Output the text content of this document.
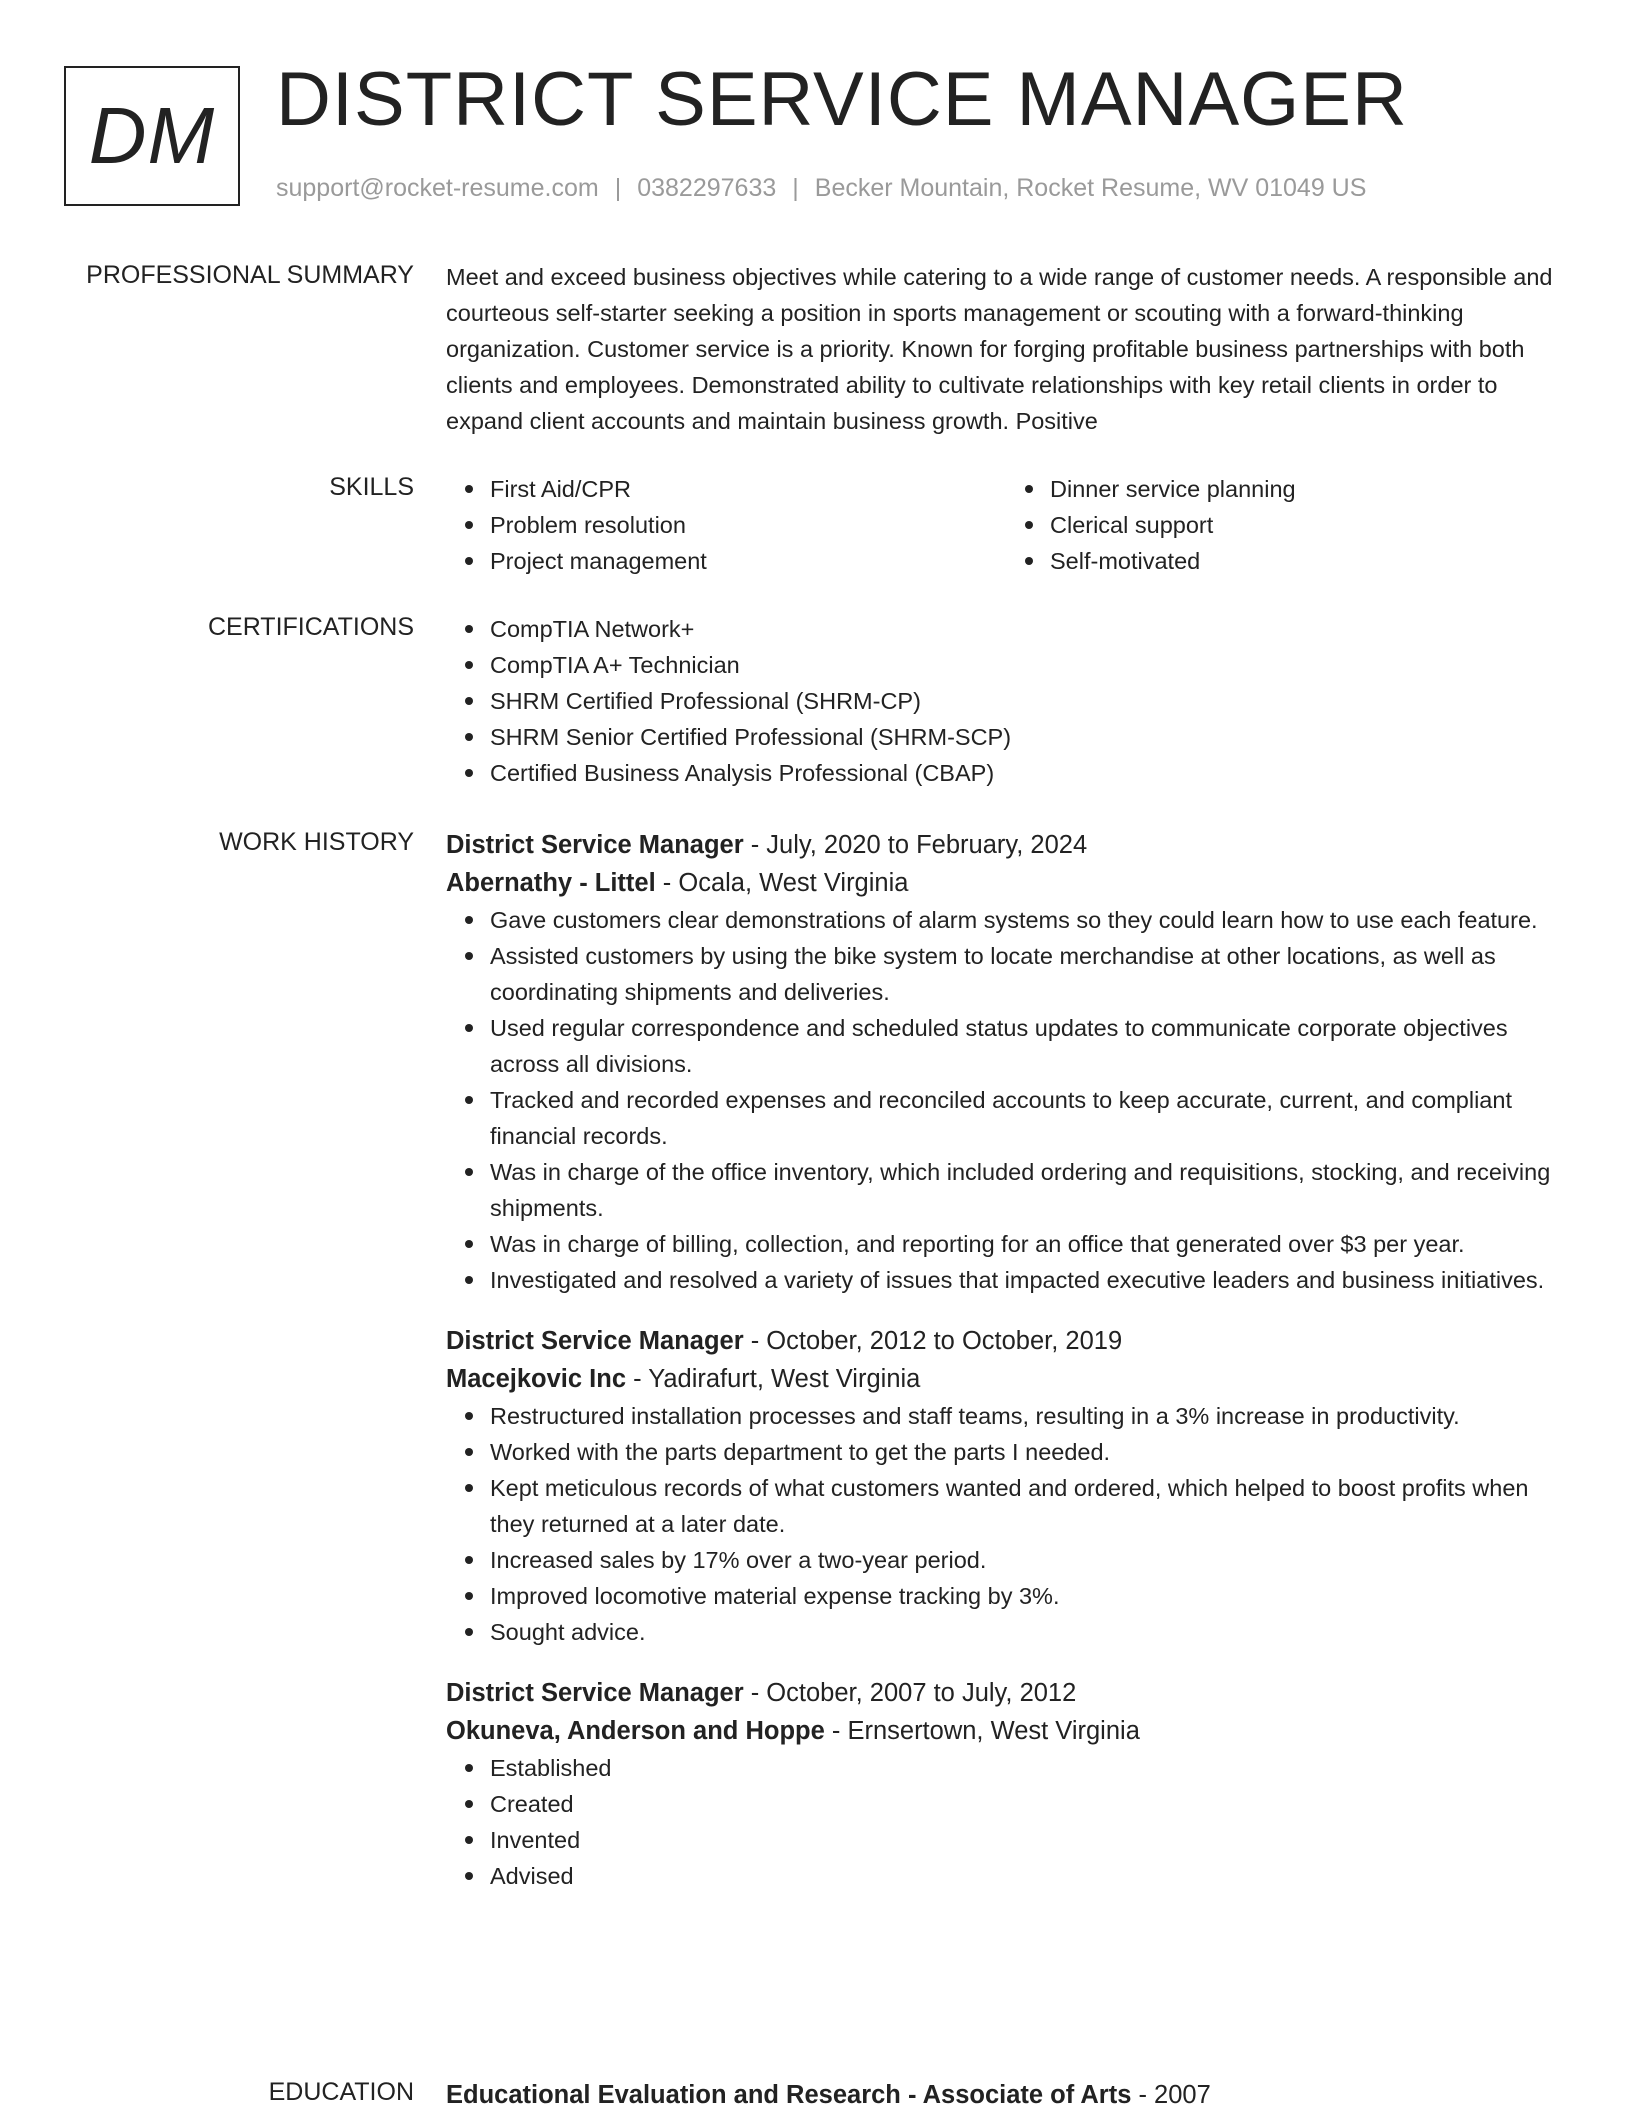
DM DISTRICT SERVICE MANAGER
support@rocket-resume.com | 0382297633 | Becker Mountain, Rocket Resume, WV 01049 US
PROFESSIONAL SUMMARY Meet and exceed business objectives while catering to a wide range of customer needs. A responsible and courteous self-starter seeking a position in sports management or scouting with a forward-thinking organization. Customer service is a priority. Known for forging profitable business partnerships with both clients and employees. Demonstrated ability to cultivate relationships with key retail clients in order to expand client accounts and maintain business growth. Positive

SKILLS	First Aid/CPR
Problem resolution
Project management
Dinner service planning
Clerical support
Self-motivated
CERTIFICATIONS	CompTIA Network+
CompTIA A+ Technician
SHRM Certified Professional (SHRM-CP)
SHRM Senior Certified Professional (SHRM-SCP)
Certified Business Analysis Professional (CBAP)
WORK HISTORY District Service Manager - July, 2020 to February, 2024
Abernathy - Littel - Ocala, West Virginia
Gave customers clear demonstrations of alarm systems so they could learn how to use each feature.
Assisted customers by using the bike system to locate merchandise at other locations, as well as coordinating shipments and deliveries.
Used regular correspondence and scheduled status updates to communicate corporate objectives across all divisions.
Tracked and recorded expenses and reconciled accounts to keep accurate, current, and compliant financial records.
Was in charge of the office inventory, which included ordering and requisitions, stocking, and receiving shipments.
Was in charge of billing, collection, and reporting for an office that generated over $3 per year.
Investigated and resolved a variety of issues that impacted executive leaders and business initiatives.
District Service Manager - October, 2012 to October, 2019
Macejkovic Inc - Yadirafurt, West Virginia
Restructured installation processes and staff teams, resulting in a 3% increase in productivity.
Worked with the parts department to get the parts I needed.
Kept meticulous records of what customers wanted and ordered, which helped to boost profits when they returned at a later date.
Increased sales by 17% over a two-year period.
Improved locomotive material expense tracking by 3%.
Sought advice.
District Service Manager - October, 2007 to July, 2012
Okuneva, Anderson and Hoppe - Ernsertown, West Virginia
Established
Created
Invented
Advised
EDUCATION Educational Evaluation and Research - Associate of Arts - 2007
